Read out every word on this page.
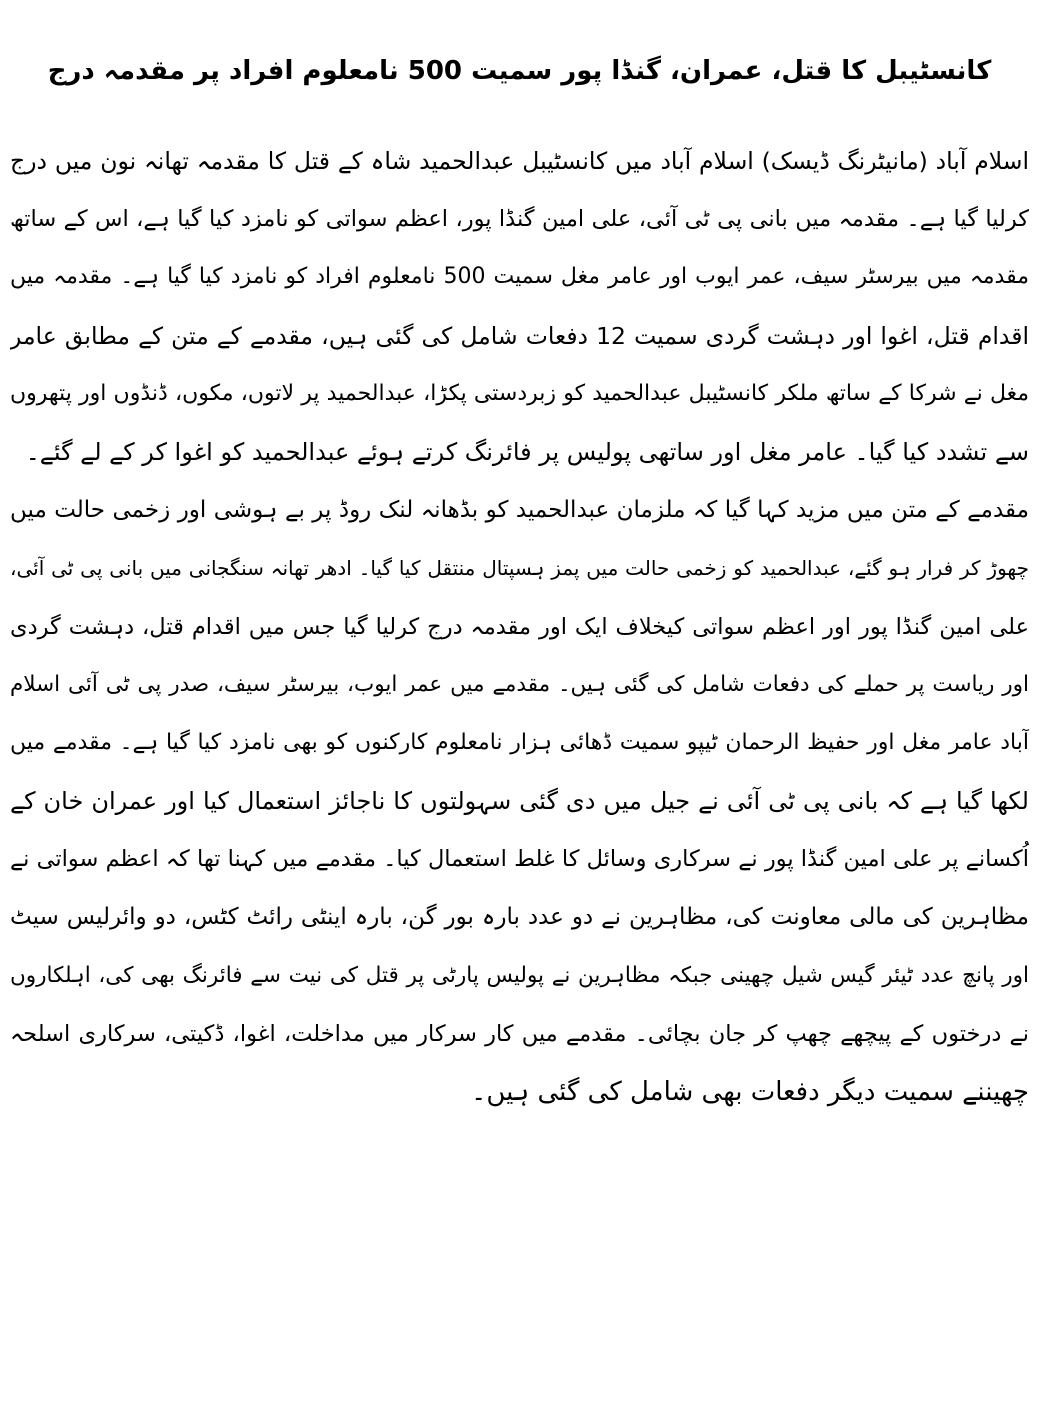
کانسٹیبل کا قتل، عمران، گنڈا پور سمیت 500 نامعلوم افراد پر مقدمہ درج
اسلام آباد (مانیٹرنگ ڈیسک) اسلام آباد میں کانسٹیبل عبدالحمید شاہ کے قتل کا مقدمہ تھانہ نون میں درج
کرلیا گیا ہے۔ مقدمہ میں بانی پی ٹی آئی، علی امین گنڈا پور، اعظم سواتی کو نامزد کیا گیا ہے، اس کے ساتھ
مقدمہ میں بیرسٹر سیف، عمر ایوب اور عامر مغل سمیت 500 نامعلوم افراد کو نامزد کیا گیا ہے۔ مقدمہ میں
اقدام قتل، اغوا اور دہشت گردی سمیت 12 دفعات شامل کی گئی ہیں، مقدمے کے متن کے مطابق عامر
مغل نے شرکا کے ساتھ ملکر کانسٹیبل عبدالحمید کو زبردستی پکڑا، عبدالحمید پر لاتوں، مکوں، ڈنڈوں اور پتھروں
سے تشدد کیا گیا۔ عامر مغل اور ساتھی پولیس پر فائرنگ کرتے ہوئے عبدالحمید کو اغوا کر کے لے گئے۔
مقدمے کے متن میں مزید کہا گیا کہ ملزمان عبدالحمید کو بڈھانہ لنک روڈ پر بے ہوشی اور زخمی حالت میں
چھوڑ کر فرار ہو گئے، عبدالحمید کو زخمی حالت میں پمز ہسپتال منتقل کیا گیا۔ ادھر تھانہ سنگجانی میں بانی پی ٹی آئی،
علی امین گنڈا پور اور اعظم سواتی کیخلاف ایک اور مقدمہ درج کرلیا گیا جس میں اقدام قتل، دہشت گردی
اور ریاست پر حملے کی دفعات شامل کی گئی ہیں۔ مقدمے میں عمر ایوب، بیرسٹر سیف، صدر پی ٹی آئی اسلام
آباد عامر مغل اور حفیظ الرحمان ٹیپو سمیت ڈھائی ہزار نامعلوم کارکنوں کو بھی نامزد کیا گیا ہے۔ مقدمے میں
لکھا گیا ہے کہ بانی پی ٹی آئی نے جیل میں دی گئی سہولتوں کا ناجائز استعمال کیا اور عمران خان کے
اُکسانے پر علی امین گنڈا پور نے سرکاری وسائل کا غلط استعمال کیا۔ مقدمے میں کہنا تھا کہ اعظم سواتی نے
مظاہرین کی مالی معاونت کی، مظاہرین نے دو عدد بارہ بور گن، بارہ اینٹی رائٹ کٹس، دو وائرلیس سیٹ
اور پانچ عدد ٹیئر گیس شیل چھینی جبکہ مظاہرین نے پولیس پارٹی پر قتل کی نیت سے فائرنگ بھی کی، اہلکاروں
نے درختوں کے پیچھے چھپ کر جان بچائی۔ مقدمے میں کار سرکار میں مداخلت، اغوا، ڈکیتی، سرکاری اسلحہ
چھیننے سمیت دیگر دفعات بھی شامل کی گئی ہیں۔
